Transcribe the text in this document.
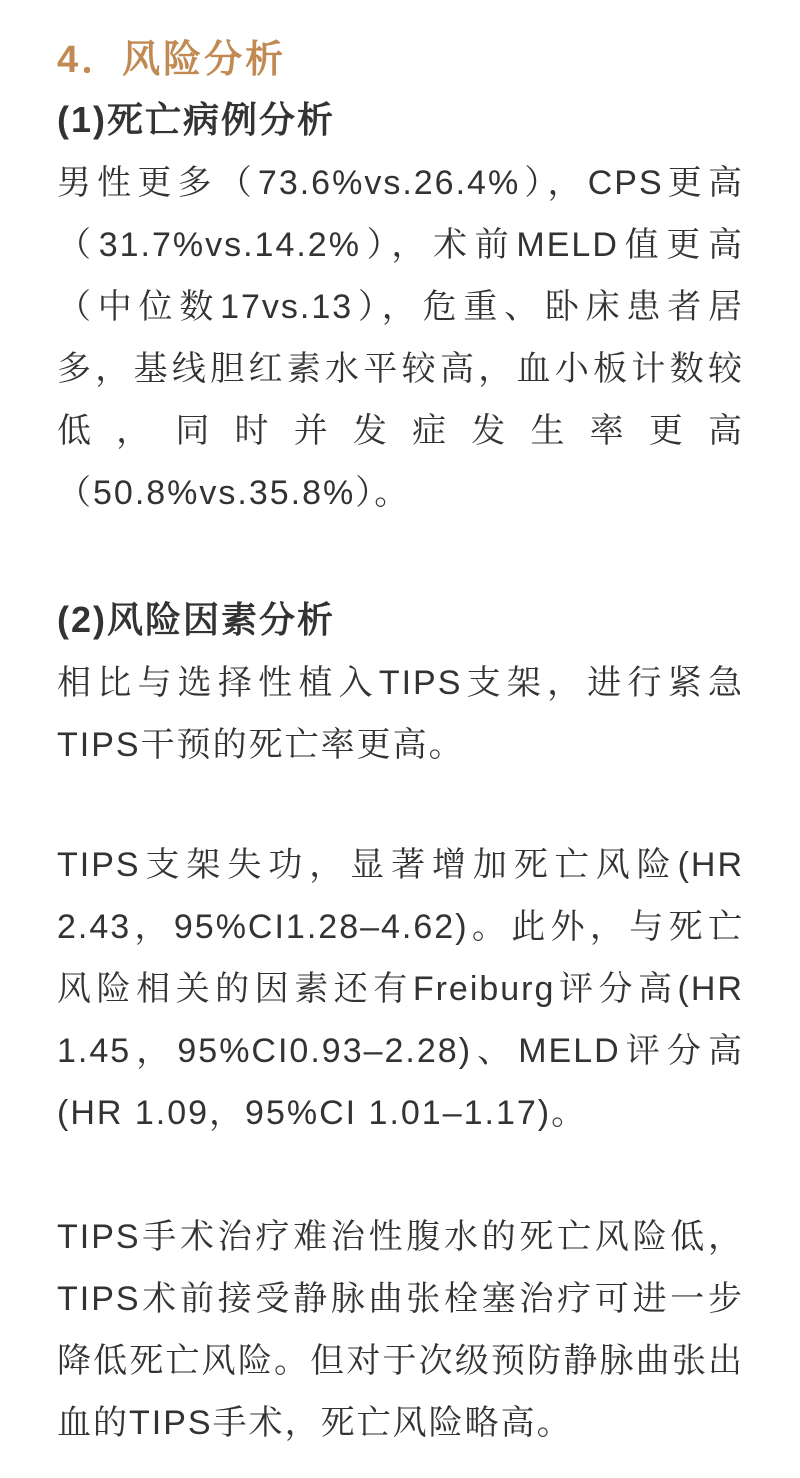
4．风险分析
(1)死亡病例分析

男性更多（73.6%vs.26.4%），CPS更高（31.7%vs.14.2%），术前MELD值更高（中位数17vs.13），危重、卧床患者居多，基线胆红素水平较高，血小板计数较低，同时并发症发生率更高（50.8%vs.35.8%）。

(2)风险因素分析

相比与选择性植入TIPS支架，进行紧急TIPS干预的死亡率更高。

TIPS支架失功，显著增加死亡风险(HR 2.43，95%CI1.28–4.62)。此外，与死亡风险相关的因素还有Freiburg评分高(HR 1.45，95%CI0.93–2.28)、MELD评分高(HR 1.09，95%CI 1.01–1.17)。

TIPS手术治疗难治性腹水的死亡风险低，TIPS术前接受静脉曲张栓塞治疗可进一步降低死亡风险。但对于次级预防静脉曲张出血的TIPS手术，死亡风险略高。
